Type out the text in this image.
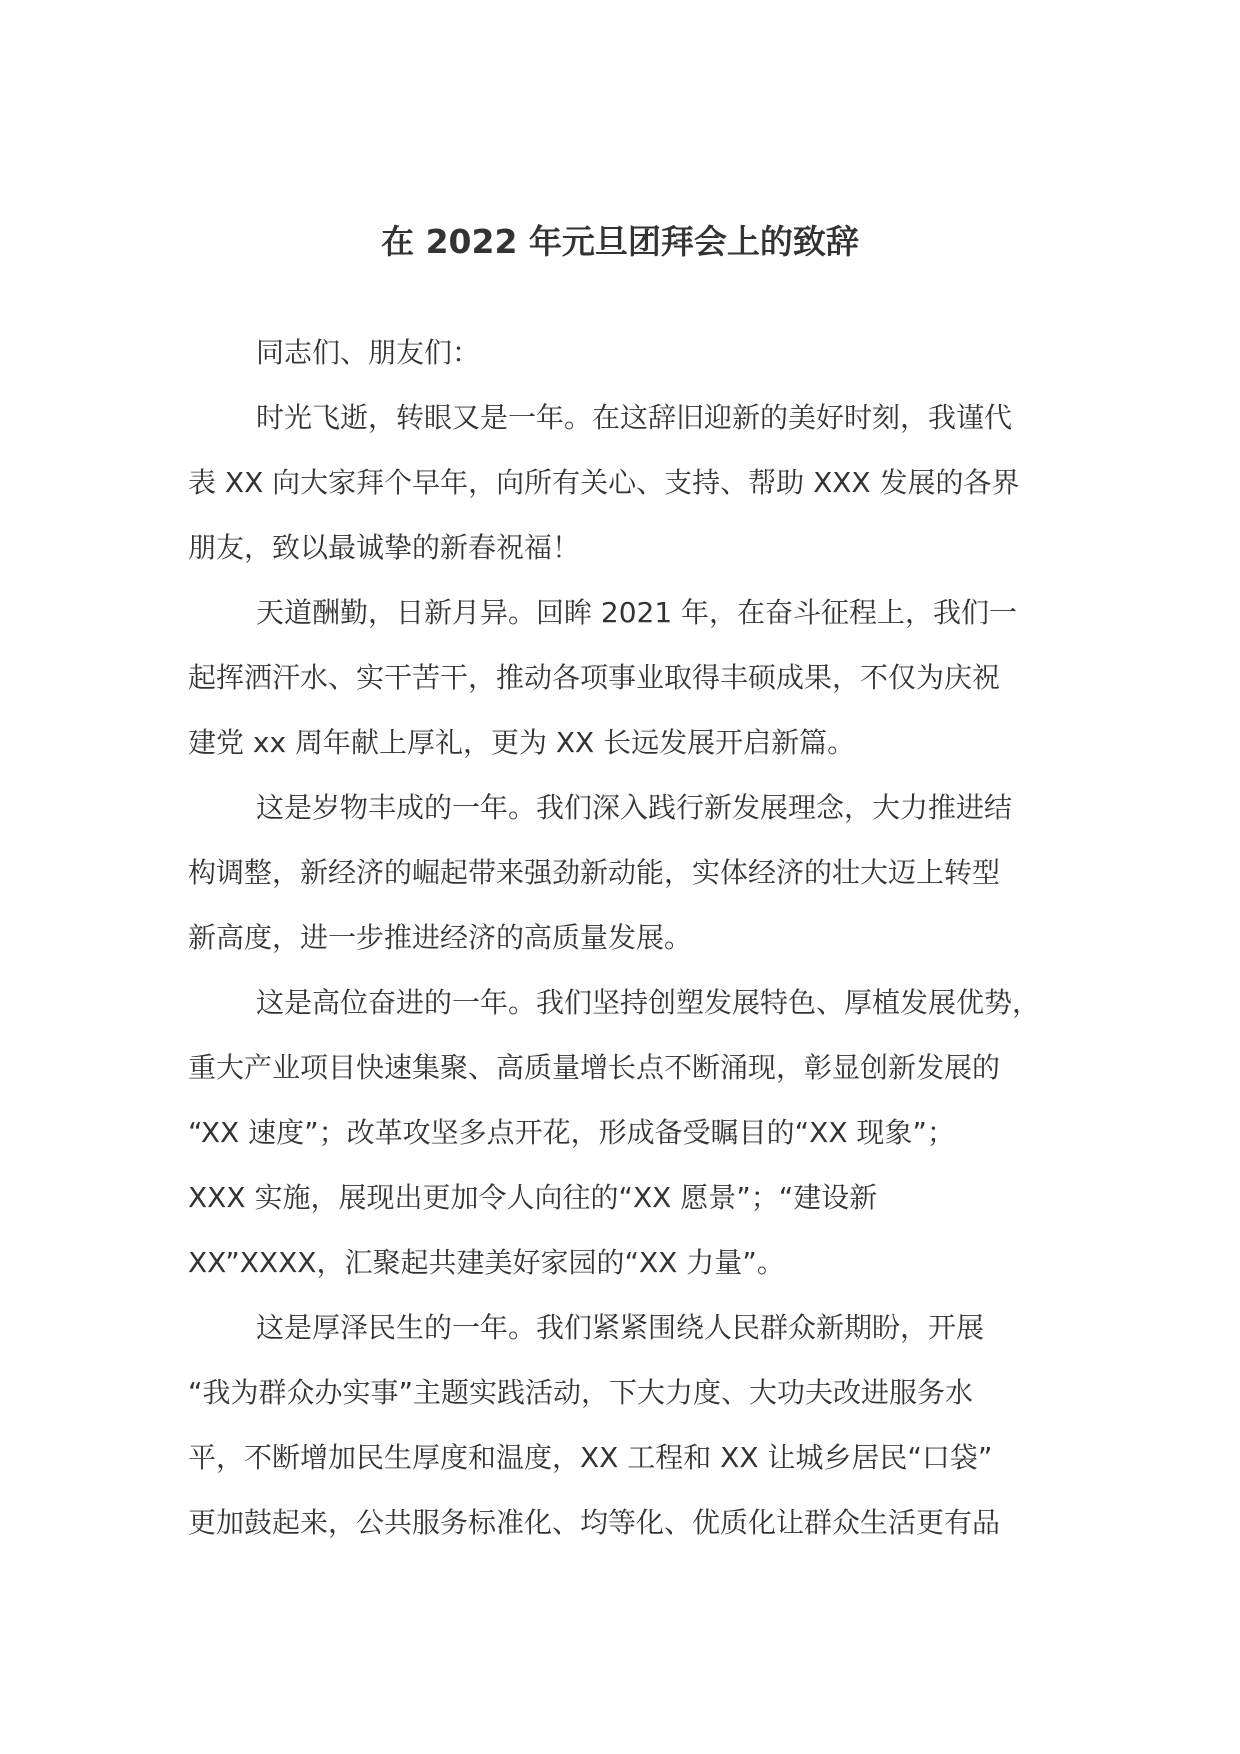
在 2022 年元旦团拜会上的致辞
同志们、朋友们：
时光飞逝，转眼又是一年。在这辞旧迎新的美好时刻，我谨代
表 XX 向大家拜个早年，向所有关心、支持、帮助 XXX 发展的各界
朋友，致以最诚挚的新春祝福！
天道酬勤，日新月异。回眸 2021 年，在奋斗征程上，我们一
起挥洒汗水、实干苦干，推动各项事业取得丰硕成果，不仅为庆祝
建党 xx 周年献上厚礼，更为 XX 长远发展开启新篇。
这是岁物丰成的一年。我们深入践行新发展理念，大力推进结
构调整，新经济的崛起带来强劲新动能，实体经济的壮大迈上转型
新高度，进一步推进经济的高质量发展。
这是高位奋进的一年。我们坚持创塑发展特色、厚植发展优势，
重大产业项目快速集聚、高质量增长点不断涌现，彰显创新发展的
“XX 速度”；改革攻坚多点开花，形成备受瞩目的“XX 现象”；
XXX 实施，展现出更加令人向往的“XX 愿景”；“建设新
XX”XXXX，汇聚起共建美好家园的“XX 力量”。
这是厚泽民生的一年。我们紧紧围绕人民群众新期盼，开展
“我为群众办实事”主题实践活动，下大力度、大功夫改进服务水
平，不断增加民生厚度和温度，XX 工程和 XX 让城乡居民“口袋”
更加鼓起来，公共服务标准化、均等化、优质化让群众生活更有品
